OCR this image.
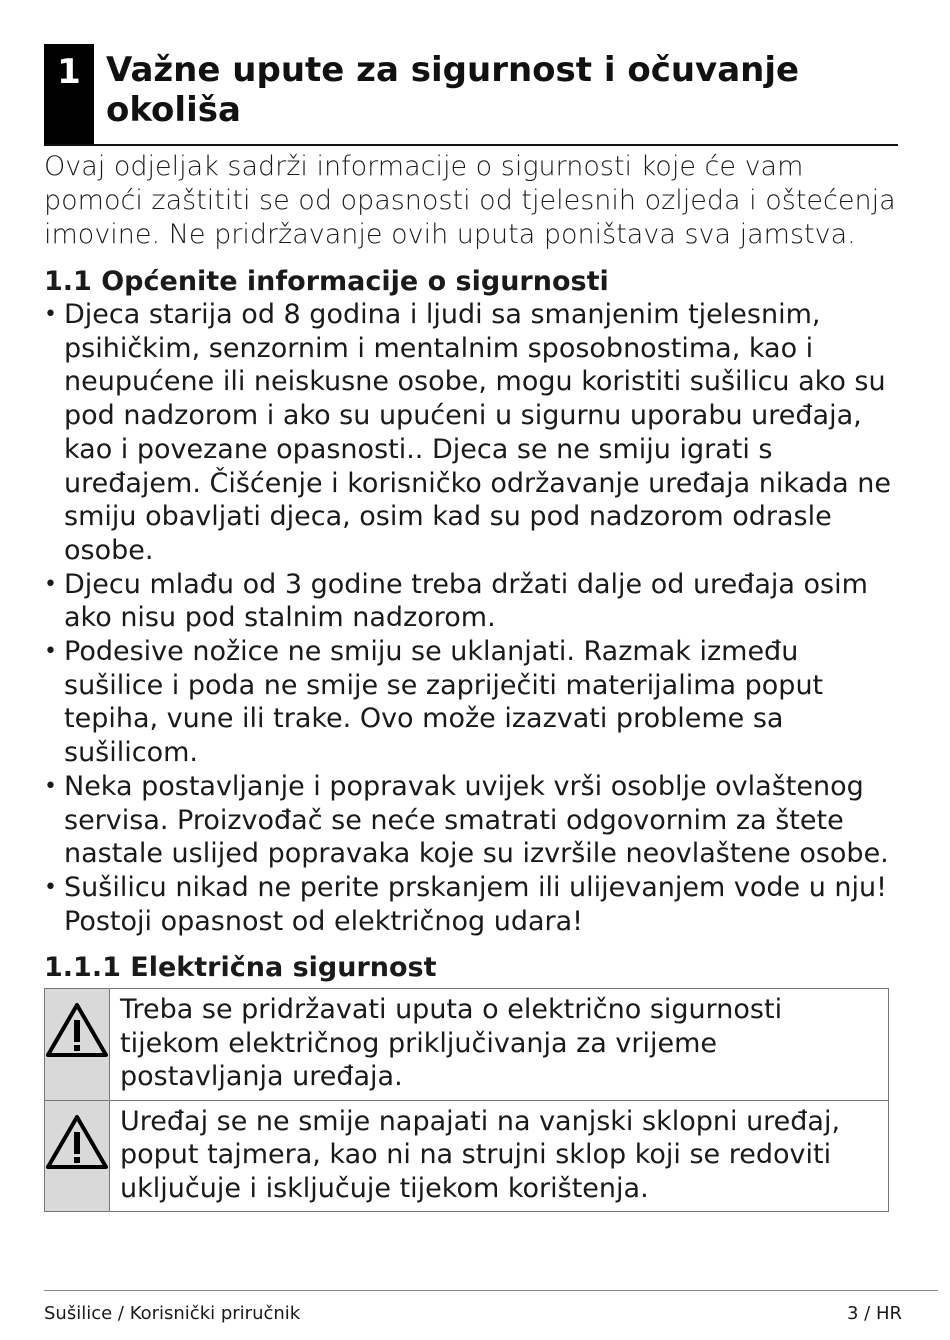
1 Važne upute za sigurnost i očuvanje
okoliša

Ovaj odjeljak sadrži informacije o sigurnosti koje će vam pomoći zaštititi se od opasnosti od tjelesnih ozljeda i oštećenja imovine. Ne pridržavanje ovih uputa poništava sva jamstva.

1.1 Općenite informacije o sigurnosti
• Djeca starija od 8 godina i ljudi sa smanjenim tjelesnim, psihičkim, senzornim i mentalnim sposobnostima, kao i neupućene ili neiskusne osobe, mogu koristiti sušilicu ako su pod nadzorom i ako su upućeni u sigurnu uporabu uređaja, kao i povezane opasnosti.. Djeca se ne smiju igrati s uređajem. Čišćenje i korisničko održavanje uređaja nikada ne smiju obavljati djeca, osim kad su pod nadzorom odrasle osobe.
• Djecu mlađu od 3 godine treba držati dalje od uređaja osim ako nisu pod stalnim nadzorom.
• Podesive nožice ne smiju se uklanjati. Razmak između sušilice i poda ne smije se zapriječiti materijalima poput tepiha, vune ili trake. Ovo može izazvati probleme sa sušilicom.
• Neka postavljanje i popravak uvijek vrši osoblje ovlaštenog servisa. Proizvođač se neće smatrati odgovornim za štete nastale uslijed popravaka koje su izvršile neovlaštene osobe.
• Sušilicu nikad ne perite prskanjem ili ulijevanjem vode u nju! Postoji opasnost od električnog udara!
1.1.1 Električna sigurnost
Treba se pridržavati uputa o električno sigurnosti tijekom električnog priključivanja za vrijeme postavljanja uređaja.
Uređaj se ne smije napajati na vanjski sklopni uređaj, poput tajmera, kao ni na strujni sklop koji se redoviti uključuje i isključuje tijekom korištenja.
Sušilice / Korisnički priručnik	3 / HR
